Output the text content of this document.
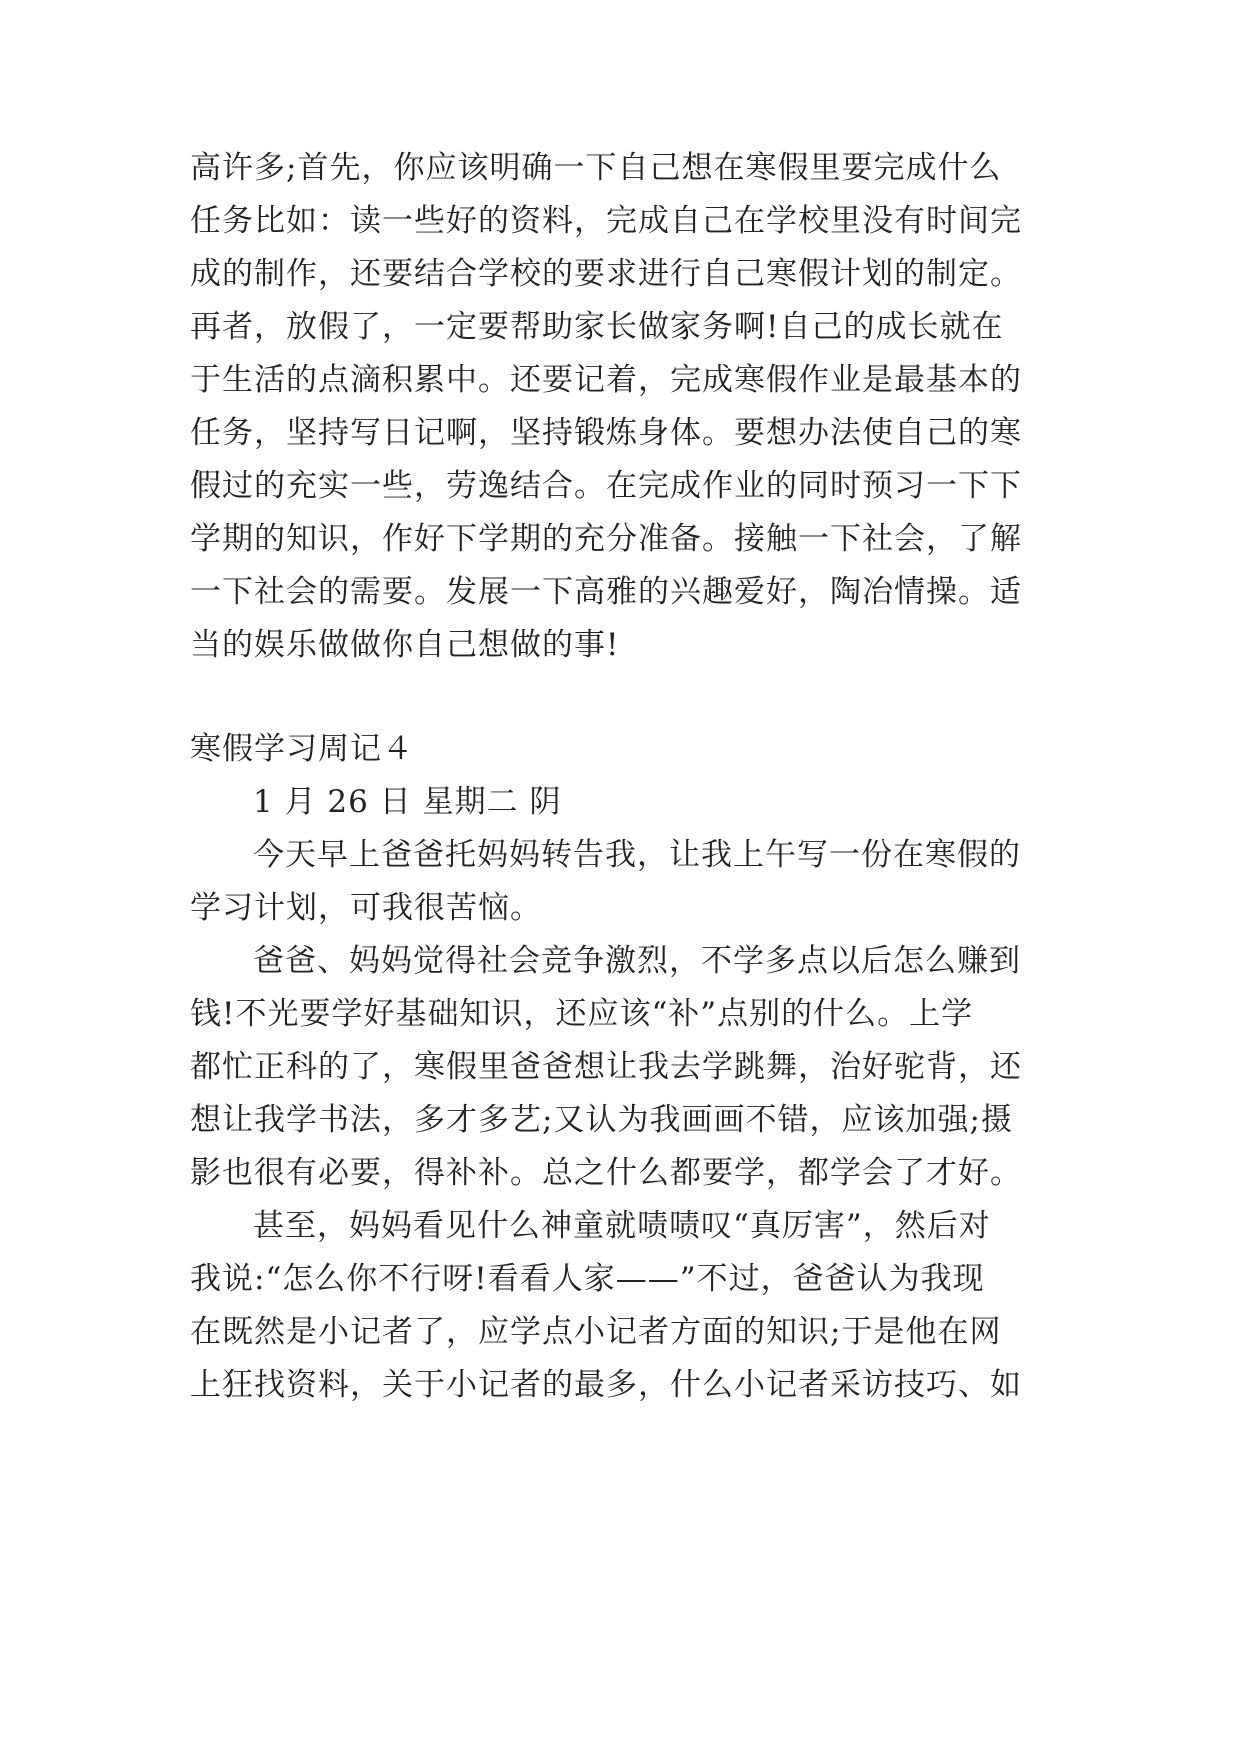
高许多;首先，你应该明确一下自己想在寒假里要完成什么
任务比如：读一些好的资料，完成自己在学校里没有时间完
成的制作，还要结合学校的要求进行自己寒假计划的制定。
再者，放假了，一定要帮助家长做家务啊!自己的成长就在
于生活的点滴积累中。还要记着，完成寒假作业是最基本的
任务，坚持写日记啊，坚持锻炼身体。要想办法使自己的寒
假过的充实一些，劳逸结合。在完成作业的同时预习一下下
学期的知识，作好下学期的充分准备。接触一下社会，了解
一下社会的需要。发展一下高雅的兴趣爱好，陶冶情操。适
当的娱乐做做你自己想做的事!
寒假学习周记４
1 月 26 日 星期二 阴
今天早上爸爸托妈妈转告我，让我上午写一份在寒假的
学习计划，可我很苦恼。
爸爸、妈妈觉得社会竞争激烈，不学多点以后怎么赚到
钱!不光要学好基础知识，还应该“补”点别的什么。上学
都忙正科的了，寒假里爸爸想让我去学跳舞，治好驼背，还
想让我学书法，多才多艺;又认为我画画不错，应该加强;摄
影也很有必要，得补补。总之什么都要学，都学会了才好。
甚至，妈妈看见什么神童就啧啧叹“真厉害”，然后对
我说:“怎么你不行呀!看看人家——”不过，爸爸认为我现
在既然是小记者了，应学点小记者方面的知识;于是他在网
上狂找资料，关于小记者的最多，什么小记者采访技巧、如
